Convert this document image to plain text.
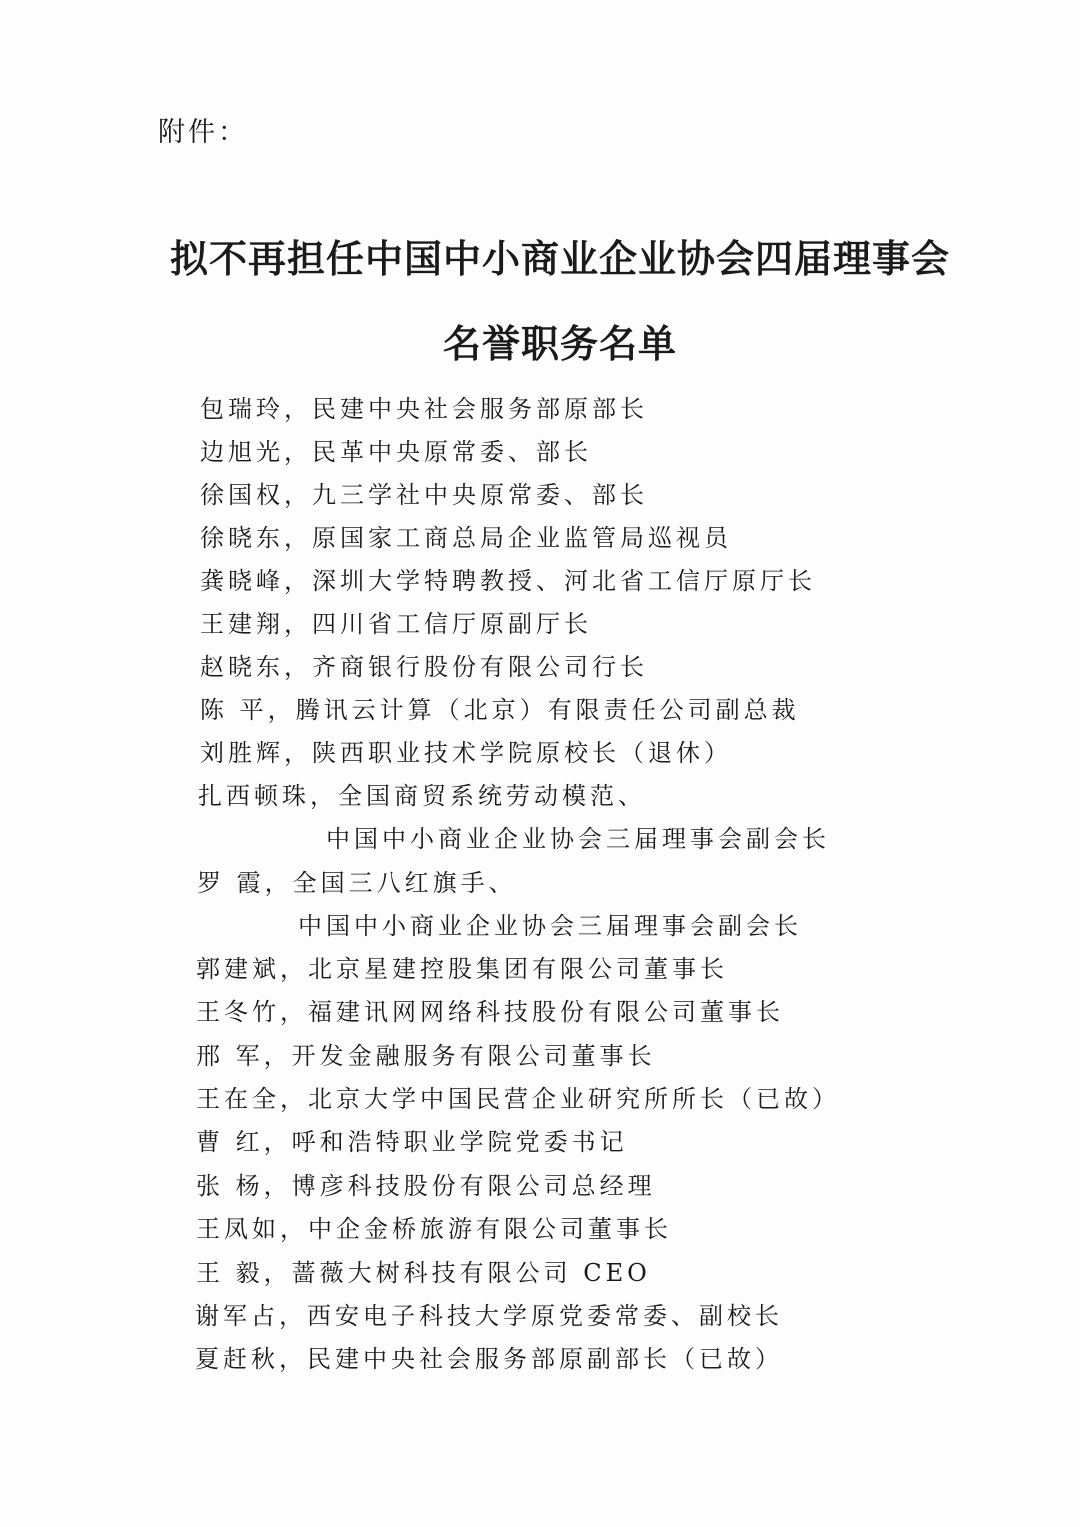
附件：
拟不再担任中国中小商业企业协会四届理事会
名誉职务名单
包瑞玲，民建中央社会服务部原部长
边旭光，民革中央原常委、部长
徐国权，九三学社中央原常委、部长
徐晓东，原国家工商总局企业监管局巡视员
龚晓峰，深圳大学特聘教授、河北省工信厅原厅长
王建翔，四川省工信厅原副厅长
赵晓东，齐商银行股份有限公司行长
陈 平，腾讯云计算（北京）有限责任公司副总裁
刘胜辉，陕西职业技术学院原校长（退休）
扎西顿珠，全国商贸系统劳动模范、
中国中小商业企业协会三届理事会副会长
罗 霞，全国三八红旗手、
中国中小商业企业协会三届理事会副会长
郭建斌，北京星建控股集团有限公司董事长
王冬竹，福建讯网网络科技股份有限公司董事长
邢 军，开发金融服务有限公司董事长
王在全，北京大学中国民营企业研究所所长（已故）
曹 红，呼和浩特职业学院党委书记
张 杨，博彦科技股份有限公司总经理
王凤如，中企金桥旅游有限公司董事长
王 毅，蔷薇大树科技有限公司 CEO
谢军占，西安电子科技大学原党委常委、副校长
夏赶秋，民建中央社会服务部原副部长（已故）
